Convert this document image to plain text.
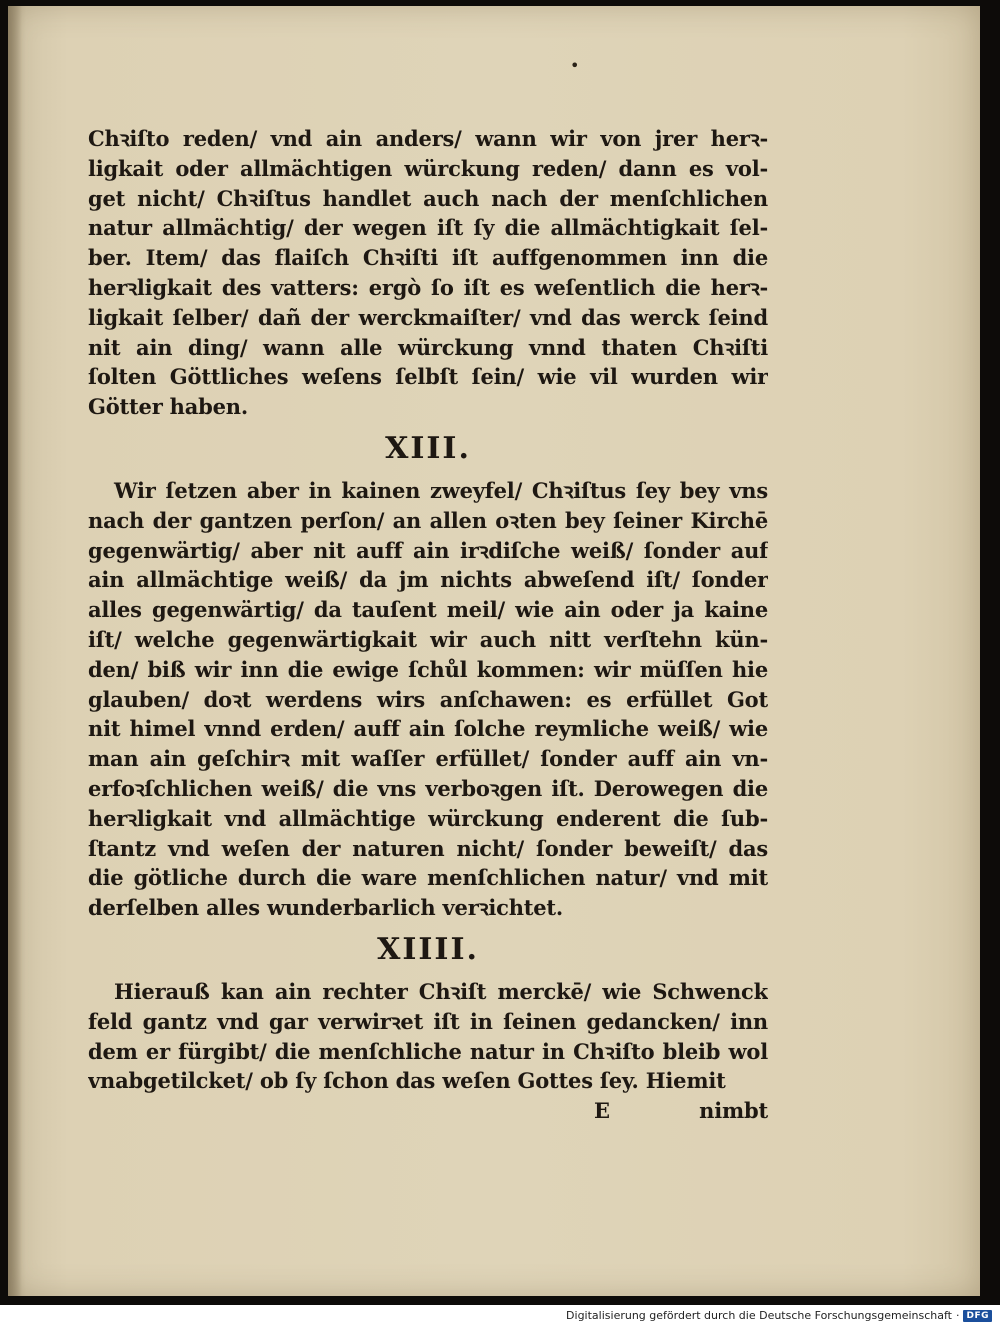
•
Chꝛiſto reden/ vnd ain anders/ wann wir von jrer herꝛ-
ligkait oder allmächtigen würckung reden/ dann es vol-
get nicht/ Chꝛiſtus handlet auch nach der menſchlichen
natur allmächtig/ der wegen iſt ſy die allmächtigkait ſel-
ber. Item/ das flaiſch Chꝛiſti iſt auffgenommen inn die
herꝛligkait des vatters: ergò ſo iſt es weſentlich die herꝛ-
ligkait ſelber/ dañ der werckmaiſter/ vnd das werck ſeind
nit ain ding/ wann alle würckung vnnd thaten Chꝛiſti
ſolten Göttliches weſens ſelbſt ſein/ wie vil wurden wir
Götter haben.
XIII.
Wir ſetzen aber in kainen zweyfel/ Chꝛiſtus ſey bey vns
nach der gantzen perſon/ an allen oꝛten bey ſeiner Kirchē
gegenwärtig/ aber nit auff ain irꝛdiſche weiß/ ſonder auf
ain allmächtige weiß/ da jm nichts abweſend iſt/ ſonder
alles gegenwärtig/ da tauſent meil/ wie ain oder ja kaine
iſt/ welche gegenwärtigkait wir auch nitt verſtehn kün-
den/ biß wir inn die ewige ſchůl kommen: wir müſſen hie
glauben/ doꝛt werdens wirs anſchawen: es erfüllet Got
nit himel vnnd erden/ auff ain ſolche reymliche weiß/ wie
man ain geſchirꝛ mit waſſer erfüllet/ ſonder auff ain vn-
erfoꝛſchlichen weiß/ die vns verboꝛgen iſt. Derowegen die
herꝛligkait vnd allmächtige würckung enderent die ſub-
ſtantz vnd weſen der naturen nicht/ ſonder beweiſt/ das
die götliche durch die ware menſchlichen natur/ vnd mit
derſelben alles wunderbarlich verꝛichtet.
XIIII.
Hierauß kan ain rechter Chꝛiſt merckē/ wie Schwenck
feld gantz vnd gar verwirꝛet iſt in ſeinen gedancken/ inn
dem er fürgibt/ die menſchliche natur in Chꝛiſto bleib wol
vnabgetilcket/ ob ſy ſchon das weſen Gottes ſey. Hiemit
E	nimbt
Digitalisierung gefördert durch die Deutsche Forschungsgemeinschaft · DFG
